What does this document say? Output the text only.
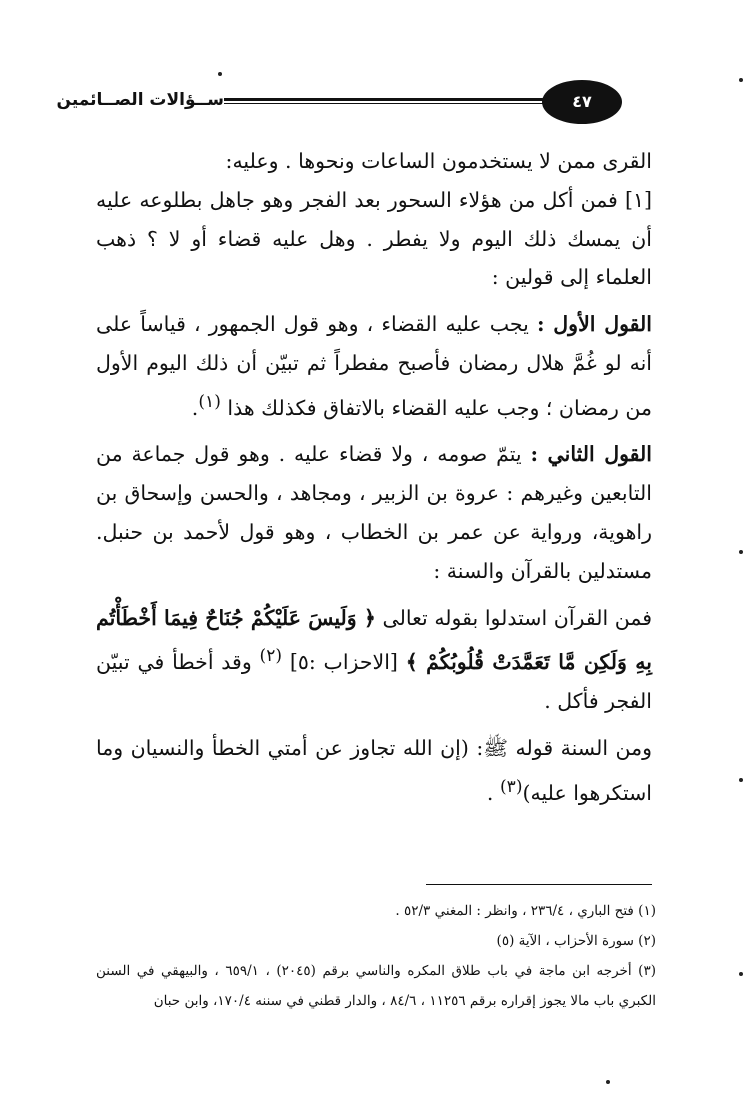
ســؤالات الصــائمين	٤٧

القرى ممن لا يستخدمون الساعات ونحوها . وعليه:

[١] فمن أكل من هؤلاء السحور بعد الفجر وهو جاهل بطلوعه عليه أن يمسك ذلك اليوم ولا يفطر . وهل عليه قضاء أو لا ؟ ذهب العلماء إلى قولين :

القول الأول : يجب عليه القضاء ، وهو قول الجمهور ، قياساً على أنه لو غُمَّ هلال رمضان فأصبح مفطراً ثم تبيّن أن ذلك اليوم الأول من رمضان ؛ وجب عليه القضاء بالاتفاق فكذلك هذا $^{(١)}$.

القول الثاني : يتمّ صومه ، ولا قضاء عليه . وهو قول جماعة من التابعين وغيرهم : عروة بن الزبير ، ومجاهد ، والحسن وإسحاق بن راهوية، ورواية عن عمر بن الخطاب ، وهو قول لأحمد بن حنبل. مستدلين بالقرآن والسنة :

فمن القرآن استدلوا بقوله تعالى ﴿ وَلَيسَ عَلَيْكُمْ جُنَاحٌ فِيمَا أَخْطَأْتُم بِهِ وَلَكِن مَّا تَعَمَّدَتْ قُلُوبُكُمْ ﴾ [الاحزاب :٥] $^{(٢)}$ وقد أخطأ في تبيّن الفجر فأكل .

ومن السنة قوله ﷺ: (إن الله تجاوز عن أمتي الخطأ والنسيان وما استكرهوا عليه)$^{(٣)}$ .

(١) فتح الباري ، ٢٣٦/٤ ، وانظر : المغني ٥٢/٣ .

(٢) سورة الأحزاب ، الآية (٥)

(٣) أخرجه ابن ماجة في باب طلاق المكره والناسي برقم (٢٠٤٥) ، ٦٥٩/١ ، والبيهقي في السنن الكبري باب مالا يجوز إقراره برقم ١١٢٥٦ ، ٨٤/٦ ، والدار قطني في سننه ١٧٠/٤، وابن حبان
